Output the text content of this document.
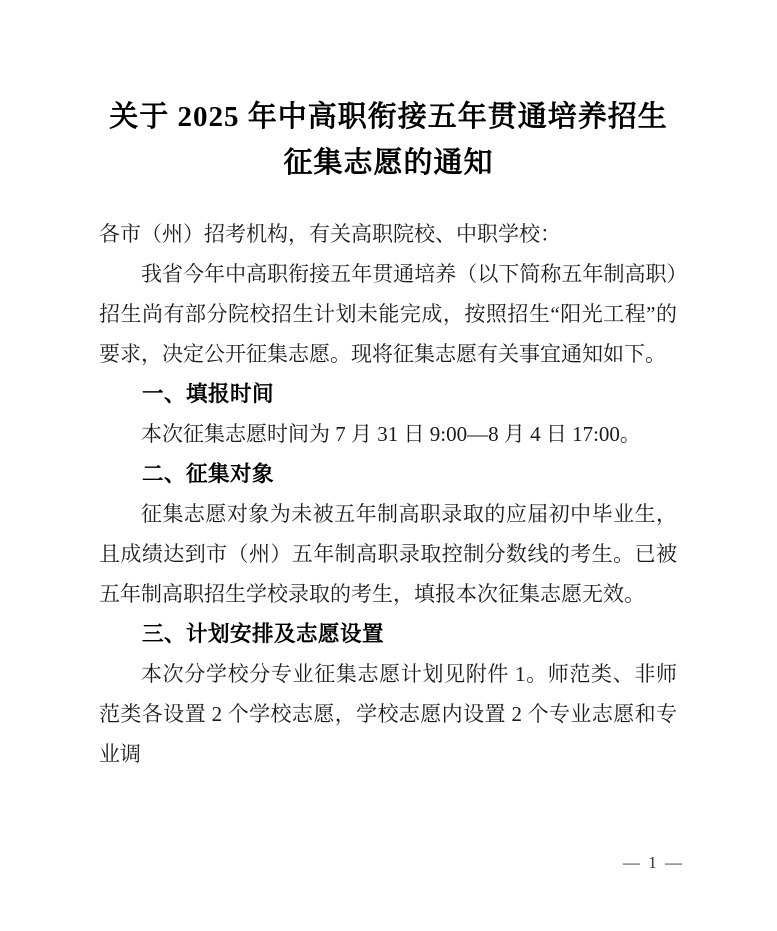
关于 2025 年中高职衔接五年贯通培养招生
征集志愿的通知

各市（州）招考机构，有关高职院校、中职学校：

我省今年中高职衔接五年贯通培养（以下简称五年制高职）招生尚有部分院校招生计划未能完成，按照招生“阳光工程”的要求，决定公开征集志愿。现将征集志愿有关事宜通知如下。

一、填报时间

本次征集志愿时间为 7 月 31 日 9:00—8 月 4 日 17:00。

二、征集对象

征集志愿对象为未被五年制高职录取的应届初中毕业生，且成绩达到市（州）五年制高职录取控制分数线的考生。已被五年制高职招生学校录取的考生，填报本次征集志愿无效。

三、计划安排及志愿设置

本次分学校分专业征集志愿计划见附件 1。师范类、非师范类各设置 2 个学校志愿，学校志愿内设置 2 个专业志愿和专业调

— 1 —
